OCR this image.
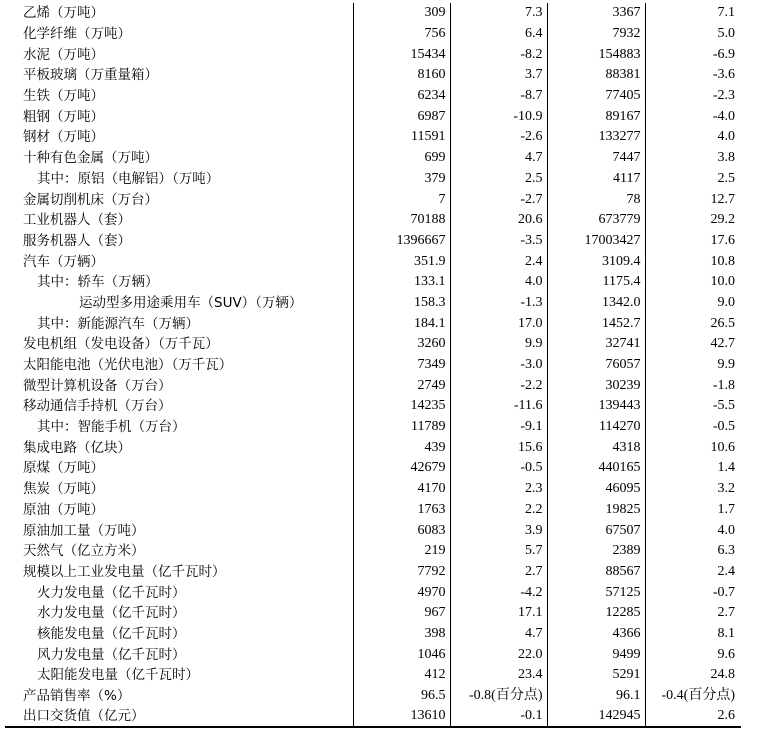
乙烯（万吨）	309	7.3	3367	7.1
化学纤维（万吨）	756	6.4	7932	5.0
水泥（万吨）	15434	-8.2	154883	-6.9
平板玻璃（万重量箱）	8160	3.7	88381	-3.6
生铁（万吨）	6234	-8.7	77405	-2.3
粗钢（万吨）	6987	-10.9	89167	-4.0
钢材（万吨）	11591	-2.6	133277	4.0
十种有色金属（万吨）	699	4.7	7447	3.8
其中：原铝（电解铝）（万吨）	379	2.5	4117	2.5
金属切削机床（万台）	7	-2.7	78	12.7
工业机器人（套）	70188	20.6	673779	29.2
服务机器人（套）	1396667	-3.5	17003427	17.6
汽车（万辆）	351.9	2.4	3109.4	10.8
其中：轿车（万辆）	133.1	4.0	1175.4	10.0
运动型多用途乘用车（SUV）（万辆）	158.3	-1.3	1342.0	9.0
其中：新能源汽车（万辆）	184.1	17.0	1452.7	26.5
发电机组（发电设备）（万千瓦）	3260	9.9	32741	42.7
太阳能电池（光伏电池）（万千瓦）	7349	-3.0	76057	9.9
微型计算机设备（万台）	2749	-2.2	30239	-1.8
移动通信手持机（万台）	14235	-11.6	139443	-5.5
其中：智能手机（万台）	11789	-9.1	114270	-0.5
集成电路（亿块）	439	15.6	4318	10.6
原煤（万吨）	42679	-0.5	440165	1.4
焦炭（万吨）	4170	2.3	46095	3.2
原油（万吨）	1763	2.2	19825	1.7
原油加工量（万吨）	6083	3.9	67507	4.0
天然气（亿立方米）	219	5.7	2389	6.3
规模以上工业发电量（亿千瓦时）	7792	2.7	88567	2.4
火力发电量（亿千瓦时）	4970	-4.2	57125	-0.7
水力发电量（亿千瓦时）	967	17.1	12285	2.7
核能发电量（亿千瓦时）	398	4.7	4366	8.1
风力发电量（亿千瓦时）	1046	22.0	9499	9.6
太阳能发电量（亿千瓦时）	412	23.4	5291	24.8
产品销售率（%）	96.5	-0.8(百分点)	96.1	-0.4(百分点)
出口交货值（亿元）	13610	-0.1	142945	2.6
